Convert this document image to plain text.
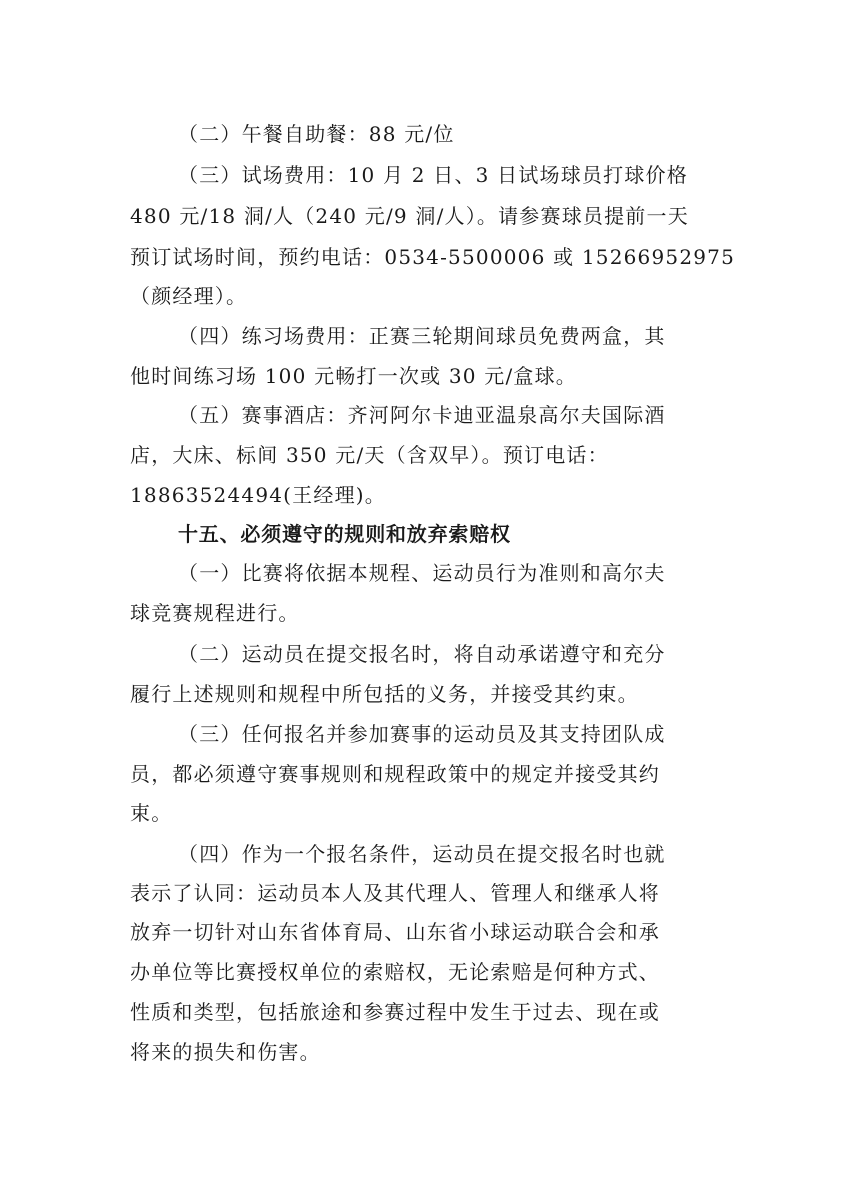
（二）午餐自助餐：88 元/位
（三）试场费用：10 月 2 日、3 日试场球员打球价格
480 元/18 洞/人（240 元/9 洞/人）。请参赛球员提前一天
预订试场时间，预约电话：0534-5500006 或 15266952975
（颜经理）。
（四）练习场费用：正赛三轮期间球员免费两盒，其
他时间练习场 100 元畅打一次或 30 元/盒球。
（五）赛事酒店：齐河阿尔卡迪亚温泉高尔夫国际酒
店，大床、标间 350 元/天（含双早）。预订电话：
18863524494(王经理)。
十五、必须遵守的规则和放弃索赔权
（一）比赛将依据本规程、运动员行为准则和高尔夫
球竞赛规程进行。
（二）运动员在提交报名时，将自动承诺遵守和充分
履行上述规则和规程中所包括的义务，并接受其约束。
（三）任何报名并参加赛事的运动员及其支持团队成
员，都必须遵守赛事规则和规程政策中的规定并接受其约
束。
（四）作为一个报名条件，运动员在提交报名时也就
表示了认同：运动员本人及其代理人、管理人和继承人将
放弃一切针对山东省体育局、山东省小球运动联合会和承
办单位等比赛授权单位的索赔权，无论索赔是何种方式、
性质和类型，包括旅途和参赛过程中发生于过去、现在或
将来的损失和伤害。
